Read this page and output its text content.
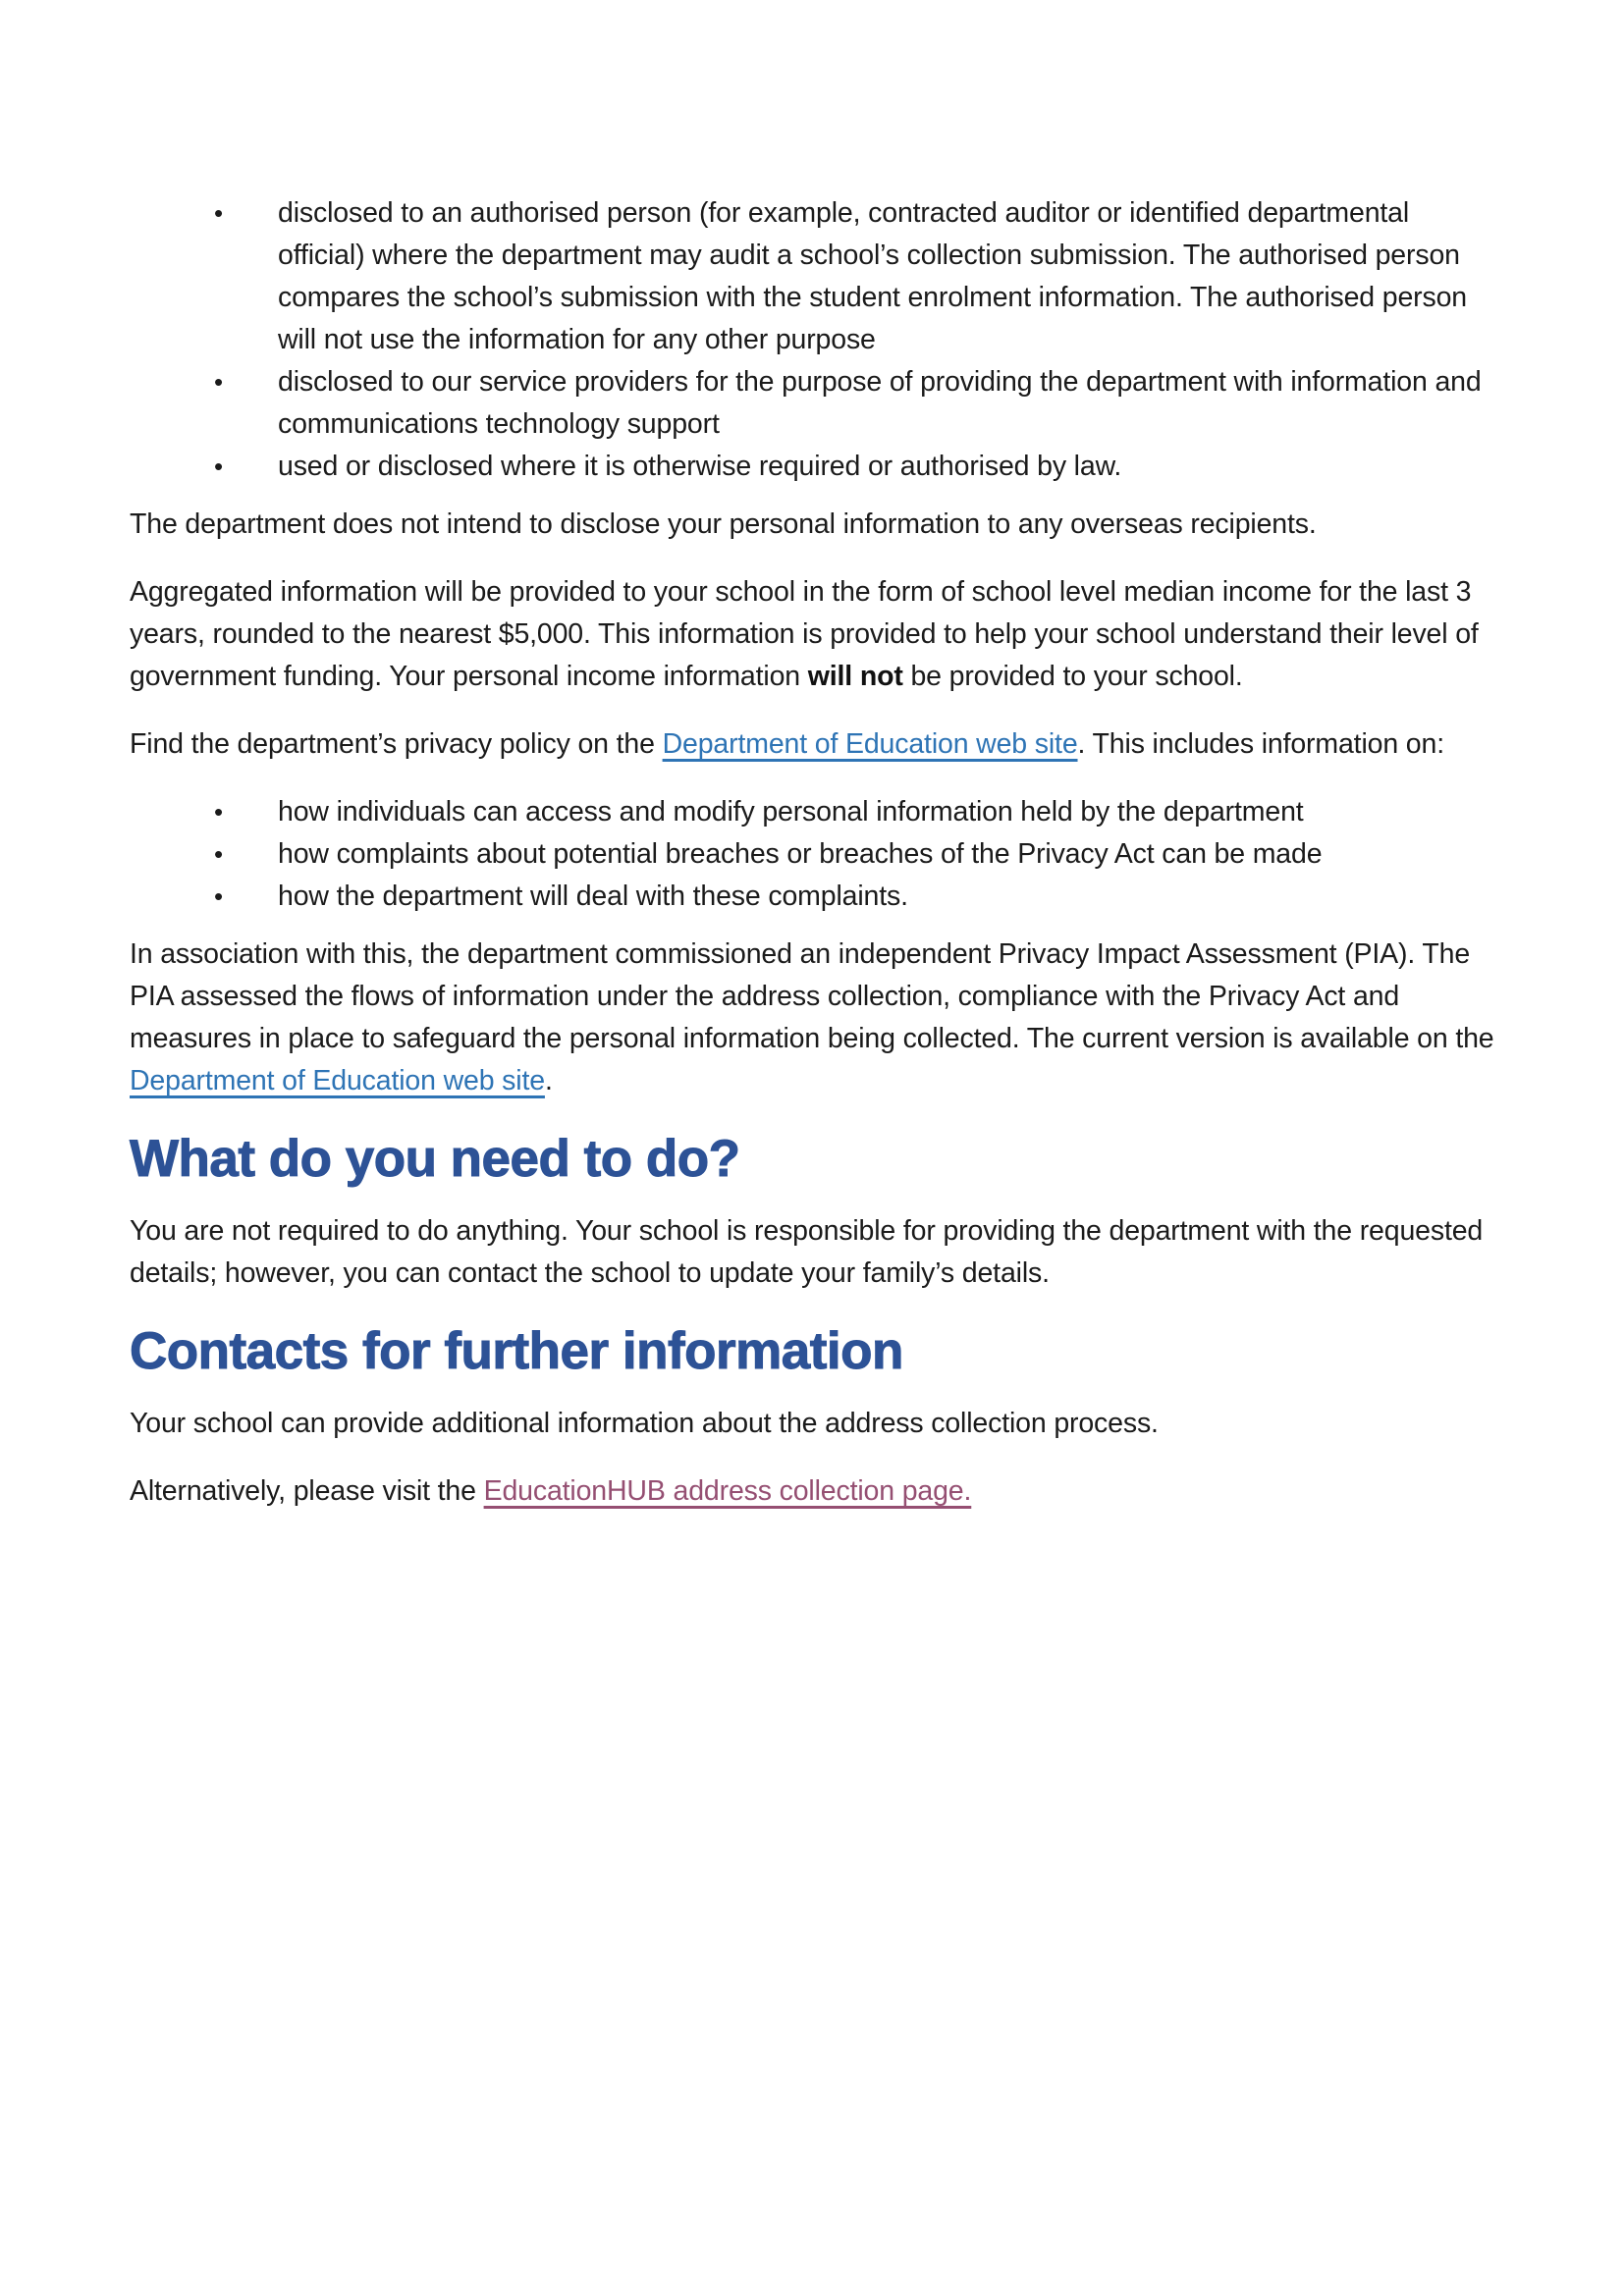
• disclosed to an authorised person (for example, contracted auditor or identified departmental official) where the department may audit a school’s collection submission. The authorised person compares the school’s submission with the student enrolment information. The authorised person will not use the information for any other purpose
• disclosed to our service providers for the purpose of providing the department with information and communications technology support
• used or disclosed where it is otherwise required or authorised by law.

The department does not intend to disclose your personal information to any overseas recipients.

Aggregated information will be provided to your school in the form of school level median income for the last 3 years, rounded to the nearest $5,000. This information is provided to help your school understand their level of government funding. Your personal income information will not be provided to your school.

Find the department’s privacy policy on the Department of Education web site. This includes information on:

• how individuals can access and modify personal information held by the department
• how complaints about potential breaches or breaches of the Privacy Act can be made
• how the department will deal with these complaints.

In association with this, the department commissioned an independent Privacy Impact Assessment (PIA). The PIA assessed the flows of information under the address collection, compliance with the Privacy Act and measures in place to safeguard the personal information being collected. The current version is available on the Department of Education web site.

What do you need to do?

You are not required to do anything. Your school is responsible for providing the department with the requested details; however, you can contact the school to update your family’s details.

Contacts for further information

Your school can provide additional information about the address collection process.

Alternatively, please visit the EducationHUB address collection page.
